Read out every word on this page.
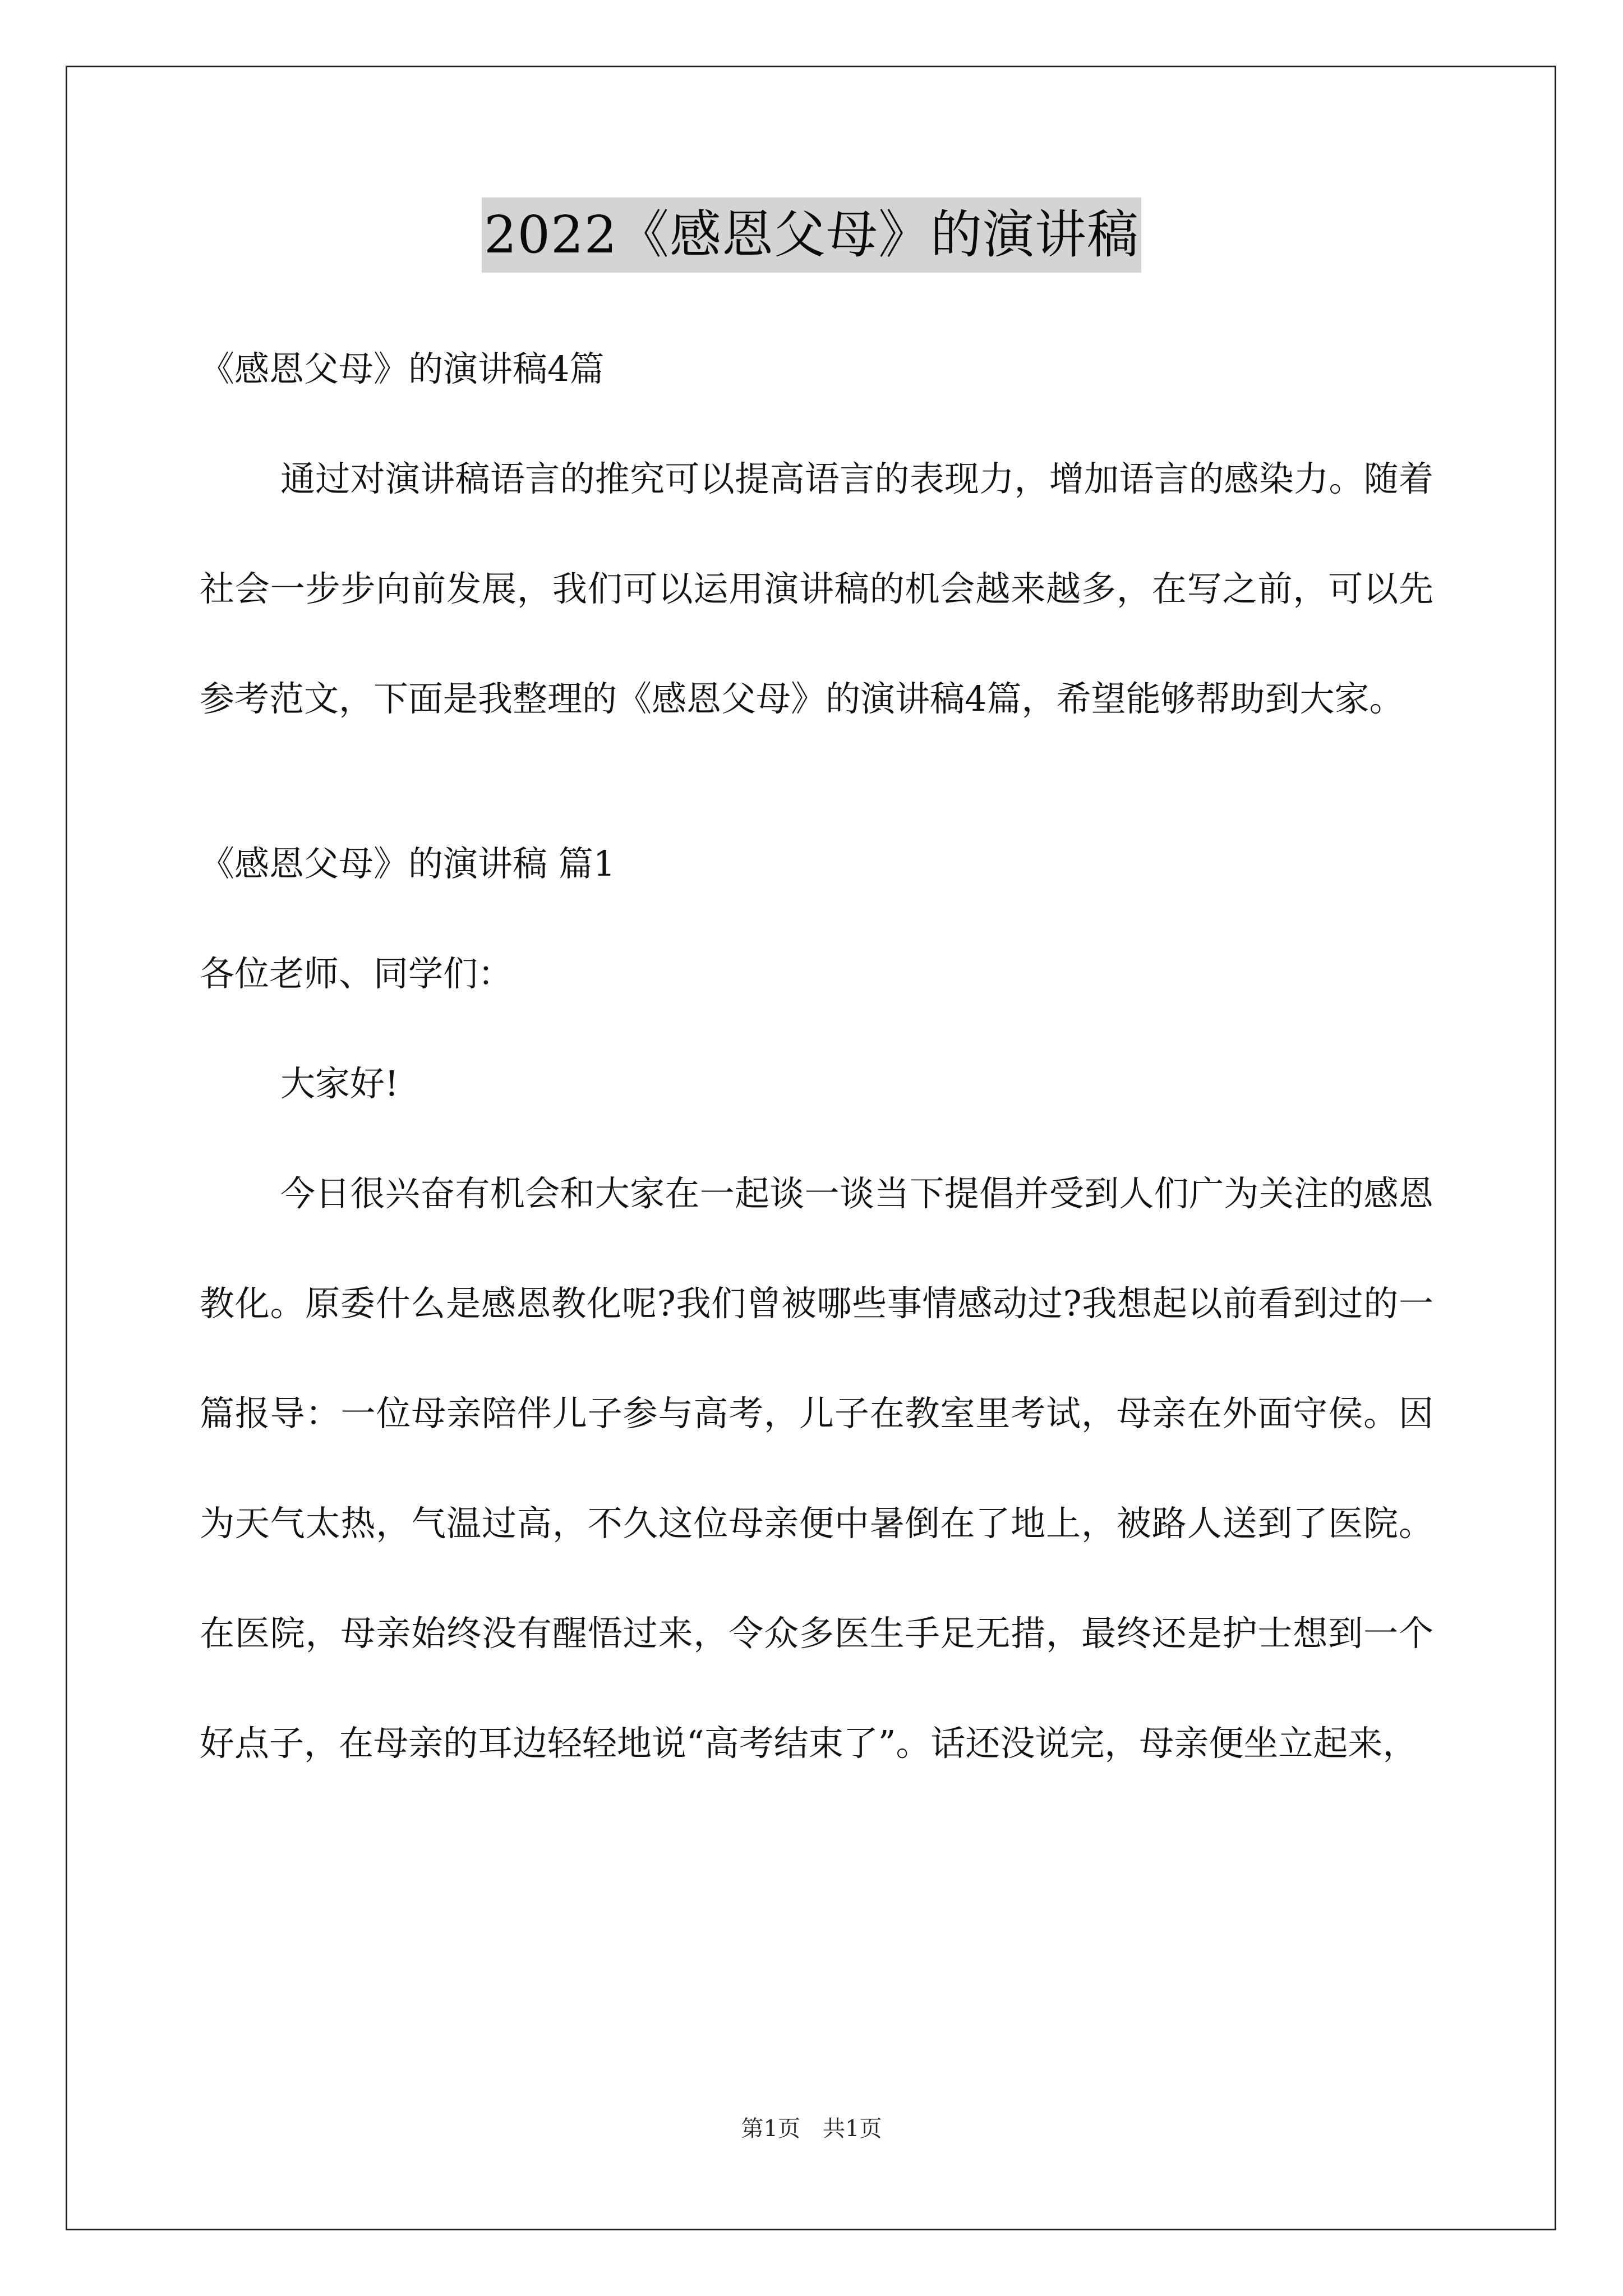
2022《感恩父母》的演讲稿
《感恩父母》的演讲稿4篇

通过对演讲稿语言的推究可以提高语言的表现力，增加语言的感染力。随着社会一步步向前发展，我们可以运用演讲稿的机会越来越多，在写之前，可以先参考范文，下面是我整理的《感恩父母》的演讲稿4篇，希望能够帮助到大家。

《感恩父母》的演讲稿 篇1
各位老师、同学们：
大家好!

今日很兴奋有机会和大家在一起谈一谈当下提倡并受到人们广为关注的感恩教化。原委什么是感恩教化呢?我们曾被哪些事情感动过?我想起以前看到过的一篇报导：一位母亲陪伴儿子参与高考，儿子在教室里考试，母亲在外面守侯。因为天气太热，气温过高，不久这位母亲便中暑倒在了地上，被路人送到了医院。在医院，母亲始终没有醒悟过来，令众多医生手足无措，最终还是护士想到一个好点子，在母亲的耳边轻轻地说“高考结束了”。话还没说完，母亲便坐立起来，

第1页 共1页
